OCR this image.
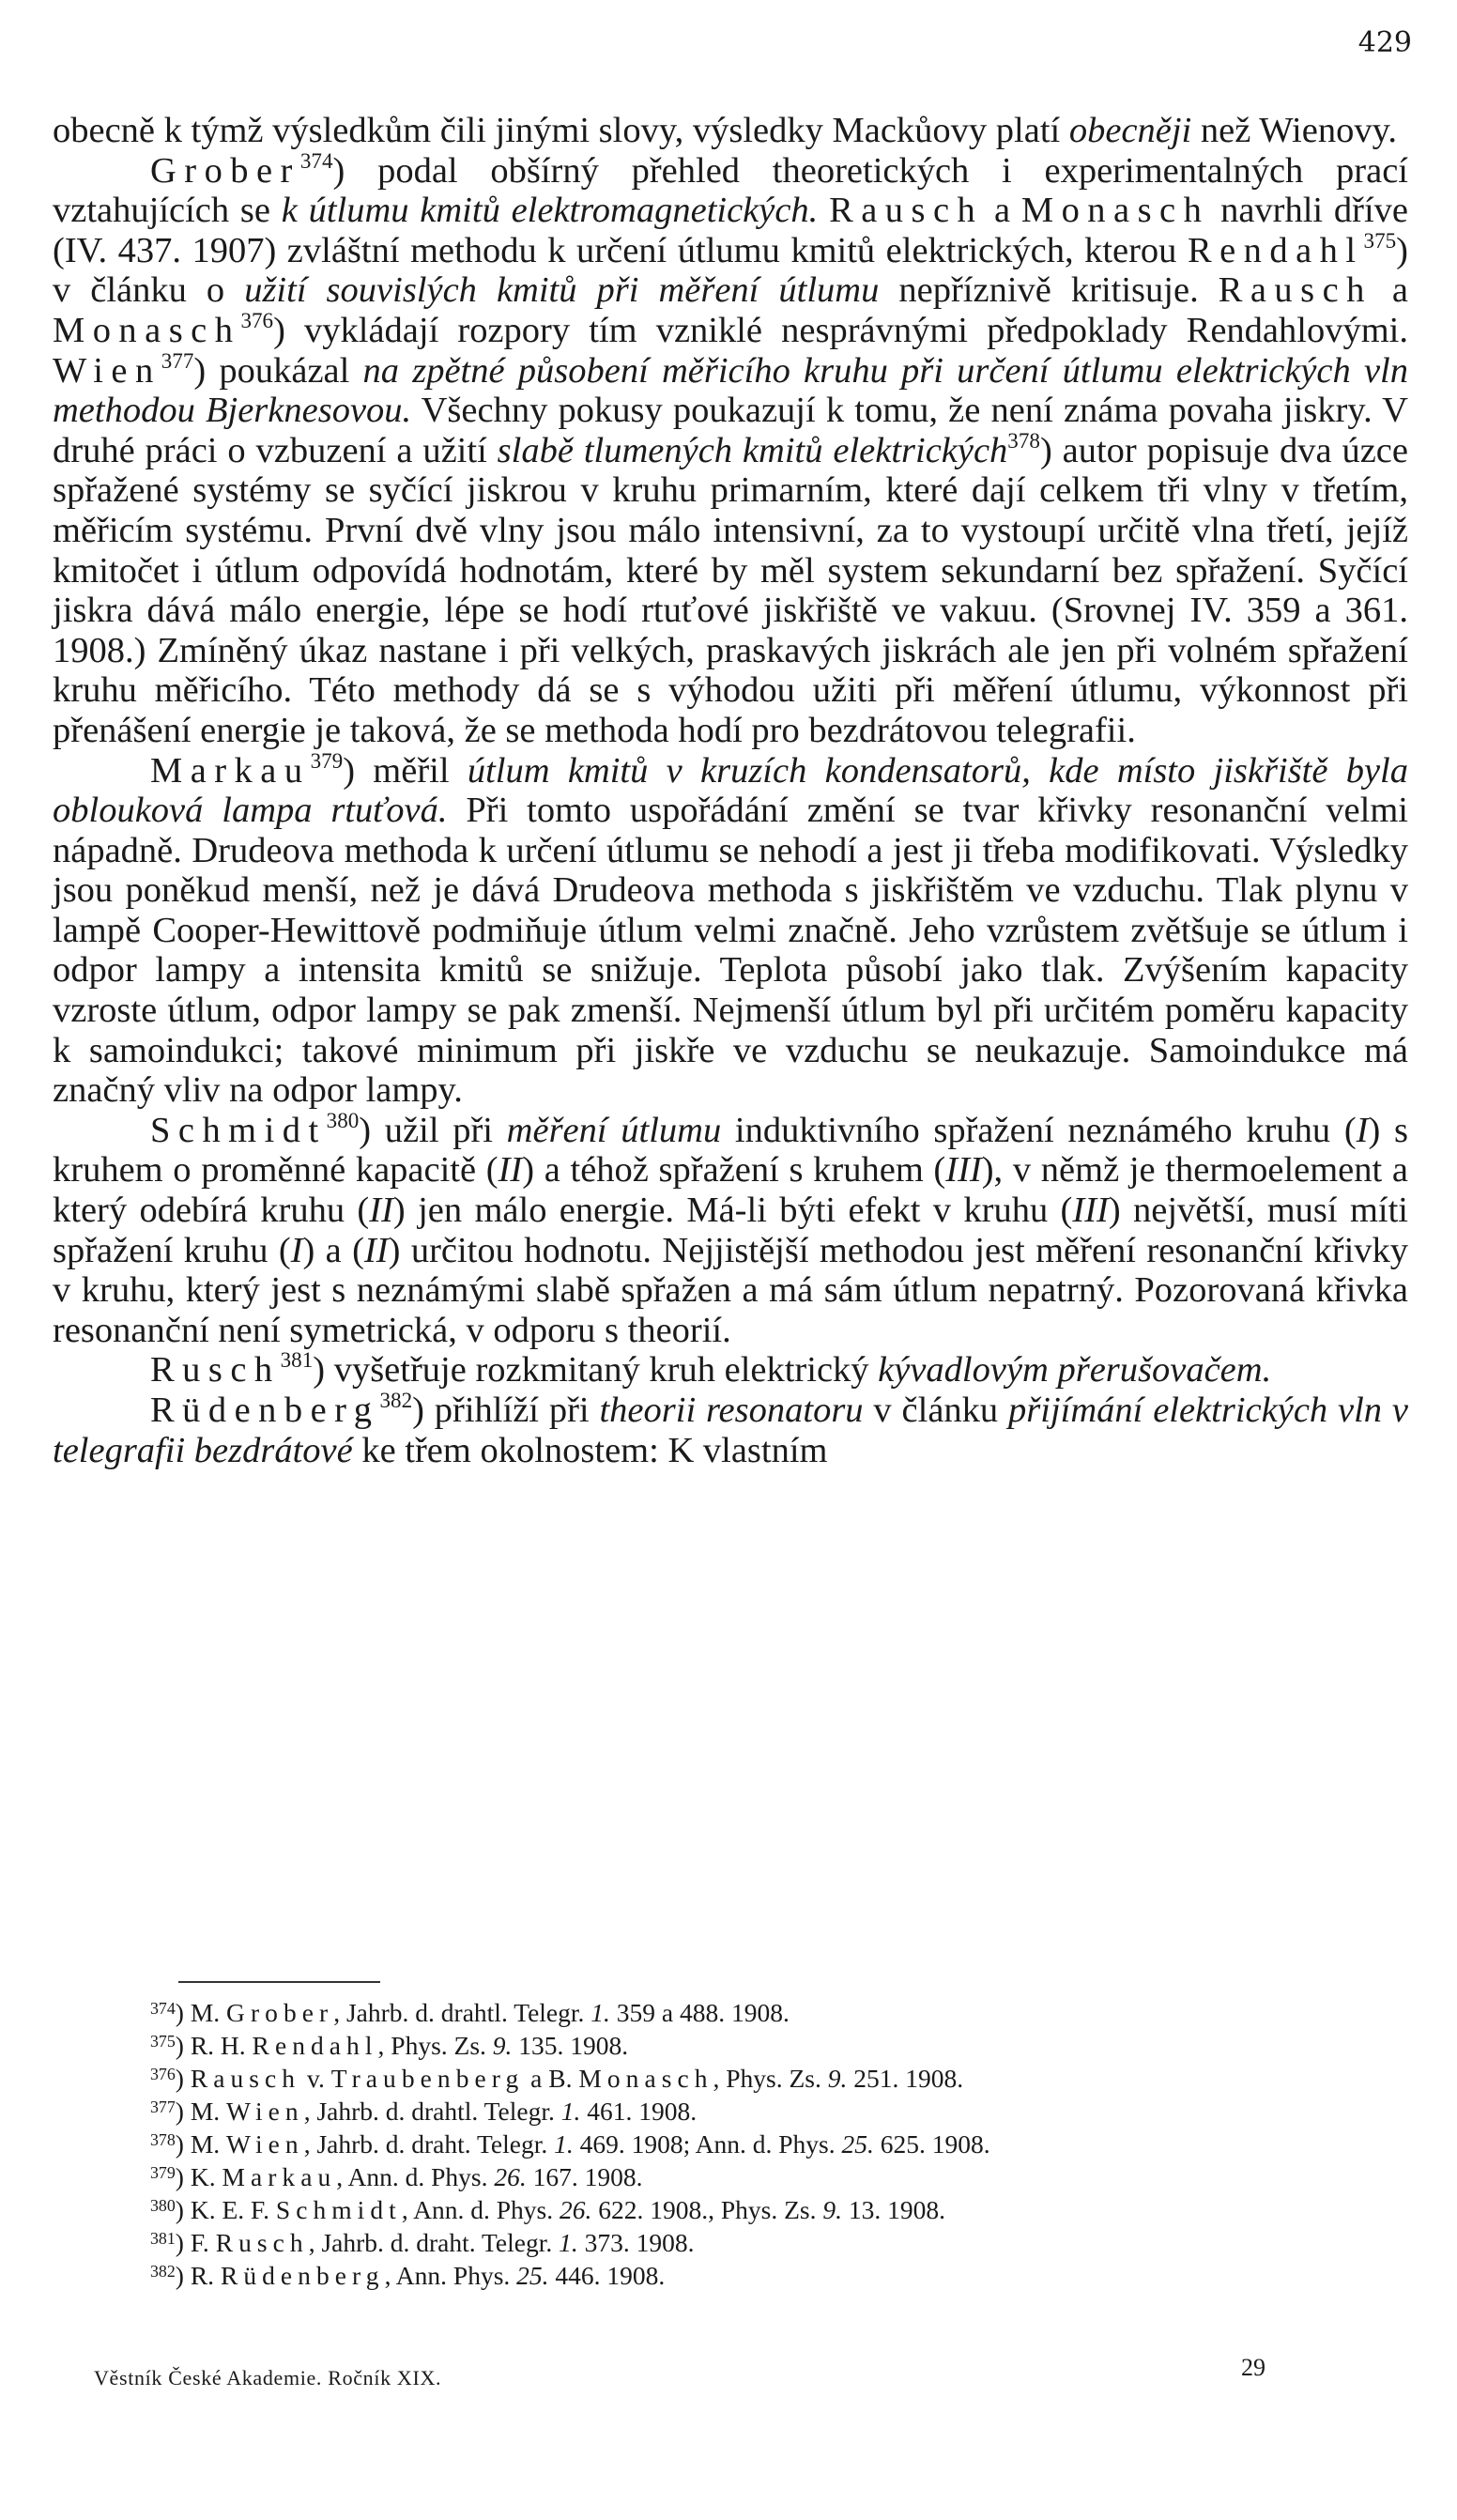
429

obecně k týmž výsledkům čili jinými slovy, výsledky Mackůovy platí obecněji než Wienovy.

Grober$^{374}$) podal obšírný přehled theoretických i experimentalných prací vztahujících se k útlumu kmitů elektromagnetických. Rausch a Monasch navrhli dříve (IV. 437. 1907) zvláštní methodu k určení útlumu kmitů elektrických, kterou Rendahl$^{375}$) v článku o užití souvislých kmitů při měření útlumu nepříznivě kritisuje. Rausch a Monasch$^{376}$) vykládají rozpory tím vzniklé nesprávnými předpoklady Rendahlovými. Wien$^{377}$) poukázal na zpětné působení měřicího kruhu při určení útlumu elektrických vln methodou Bjerknesovou. Všechny pokusy poukazují k tomu, že není známa povaha jiskry. V druhé práci o vzbuzení a užití slabě tlumených kmitů elektrických$^{378}$) autor popisuje dva úzce spřažené systémy se syčící jiskrou v kruhu primarním, které dají celkem tři vlny v třetím, měřicím systému. První dvě vlny jsou málo intensivní, za to vystoupí určitě vlna třetí, jejíž kmitočet i útlum odpovídá hodnotám, které by měl system sekundarní bez spřažení. Syčící jiskra dává málo energie, lépe se hodí rtuťové jiskřiště ve vakuu. (Srovnej IV. 359 a 361. 1908.) Zmíněný úkaz nastane i při velkých, praskavých jiskrách ale jen při volném spřažení kruhu měřicího. Této methody dá se s výhodou užiti při měření útlumu, výkonnost při přenášení energie je taková, že se methoda hodí pro bezdrátovou telegrafii.

Markau$^{379}$) měřil útlum kmitů v kruzích kondensatorů, kde místo jiskřiště byla oblouková lampa rtuťová. Při tomto uspořádání změní se tvar křivky resonanční velmi nápadně. Drudeova methoda k určení útlumu se nehodí a jest ji třeba modifikovati. Výsledky jsou poněkud menší, než je dává Drudeova methoda s jiskřištěm ve vzduchu. Tlak plynu v lampě Cooper-Hewittově podmiňuje útlum velmi značně. Jeho vzrůstem zvětšuje se útlum i odpor lampy a intensita kmitů se snižuje. Teplota působí jako tlak. Zvýšením kapacity vzroste útlum, odpor lampy se pak zmenší. Nejmenší útlum byl při určitém poměru kapacity k samoindukci; takové minimum při jiskře ve vzduchu se neukazuje. Samoindukce má značný vliv na odpor lampy.

Schmidt$^{380}$) užil při měření útlumu induktivního spřažení neznámého kruhu (I) s kruhem o proměnné kapacitě (II) a téhož spřažení s kruhem (III), v němž je thermoelement a který odebírá kruhu (II) jen málo energie. Má-li býti efekt v kruhu (III) největší, musí míti spřažení kruhu (I) a (II) určitou hodnotu. Nejjistější methodou jest měření resonanční křivky v kruhu, který jest s neznámými slabě spřažen a má sám útlum nepatrný. Pozorovaná křivka resonanční není symetrická, v odporu s theorií.

Rusch$^{381}$) vyšetřuje rozkmitaný kruh elektrický kývadlovým přerušovačem.

Rüdenberg$^{382}$) přihlíží při theorii resonatoru v článku přijímání elektrických vln v telegrafii bezdrátové ke třem okolnostem: K vlastním

$^{374}$) M. Grober, Jahrb. d. drahtl. Telegr. 1. 359 a 488. 1908.

$^{375}$) R. H. Rendahl, Phys. Zs. 9. 135. 1908.

$^{376}$) Rausch v. Traubenberg a B. Monasch, Phys. Zs. 9. 251. 1908.

$^{377}$) M. Wien, Jahrb. d. drahtl. Telegr. 1. 461. 1908.

$^{378}$) M. Wien, Jahrb. d. draht. Telegr. 1. 469. 1908; Ann. d. Phys. 25. 625. 1908.

$^{379}$) K. Markau, Ann. d. Phys. 26. 167. 1908.

$^{380}$) K. E. F. Schmidt, Ann. d. Phys. 26. 622. 1908., Phys. Zs. 9. 13. 1908.

$^{381}$) F. Rusch, Jahrb. d. draht. Telegr. 1. 373. 1908.

$^{382}$) R. Rüdenberg, Ann. Phys. 25. 446. 1908.

Věstník České Akademie. Ročník XIX.	29
